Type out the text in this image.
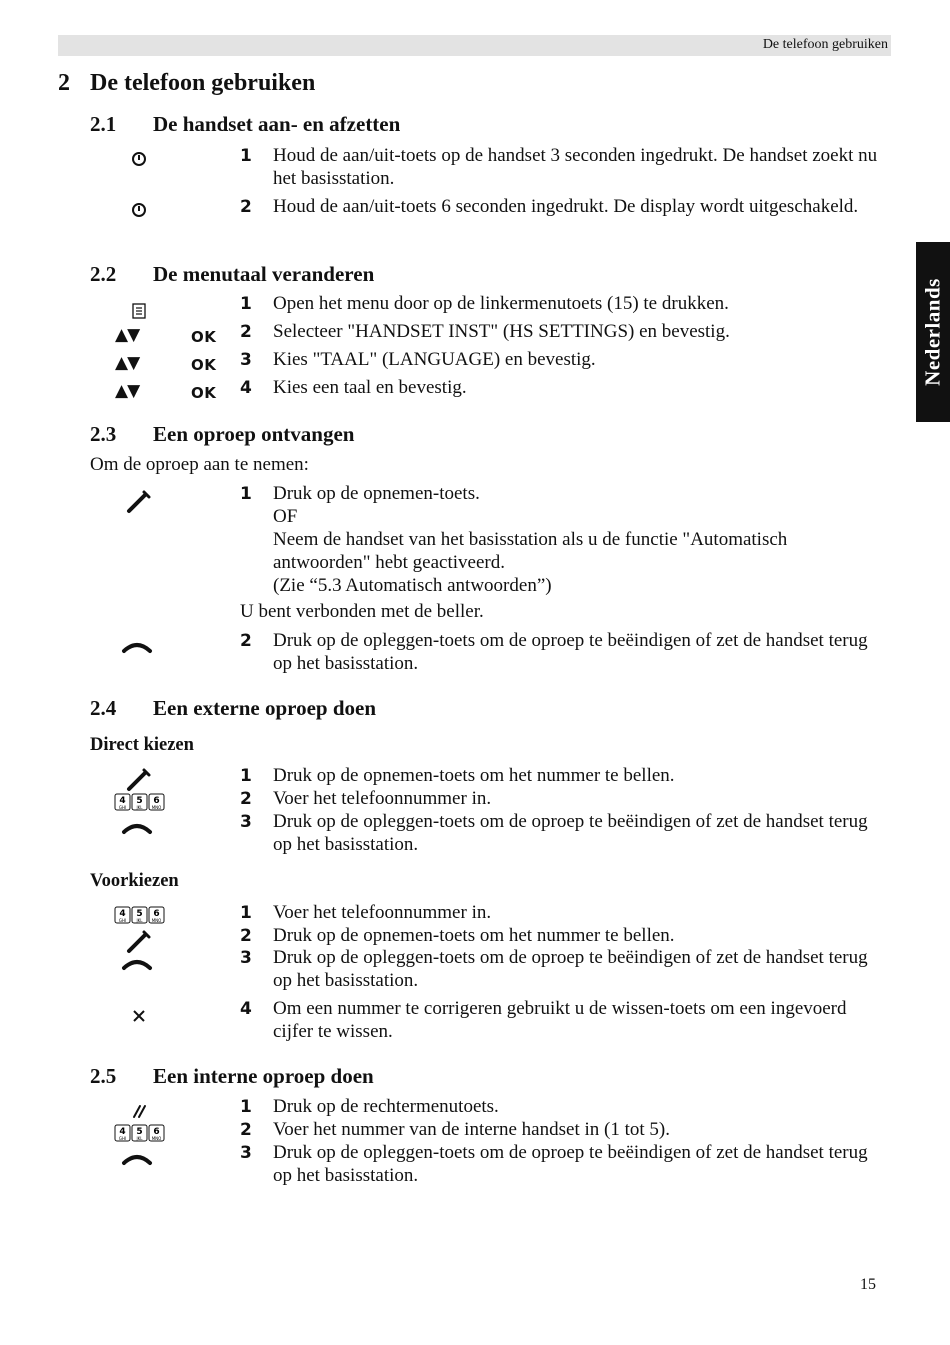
De telefoon gebruiken
Nederlands
2 De telefoon gebruiken
2.1 De handset aan- en afzetten
1	Houd de aan/uit-toets op de handset 3 seconden ingedrukt. De handset zoekt nu het basisstation.
2	Houd de aan/uit-toets 6 seconden ingedrukt. De display wordt uitgeschakeld.
2.2 De menutaal veranderen
1	Open het menu door op de linkermenutoets (15) te drukken.
▲▼	OK 2	Selecteer "HANDSET INST" (HS SETTINGS) en bevestig.
▲▼	OK 3	Kies "TAAL" (LANGUAGE) en bevestig.
▲▼	OK 4	Kies een taal en bevestig.
2.3 Een oproep ontvangen
Om de oproep aan te nemen:
1	Druk op de opnemen-toets.
OF
Neem de handset van het basisstation als u de functie "Automatisch antwoorden" hebt geactiveerd.
(Zie “5.3 Automatisch antwoorden”)
U bent verbonden met de beller.
2	Druk op de opleggen-toets om de oproep te beëindigen of zet de handset terug op het basisstation.
2.4 Een externe oproep doen
Direct kiezen
1	Druk op de opnemen-toets om het nummer te bellen.
4 5 6
GHI	JKL MNO	2	Voer het telefoonnummer in.
3	Druk op de opleggen-toets om de oproep te beëindigen of zet de handset terug op het basisstation.
Voorkiezen
4 5 6
GHI	JKL MNO	1	Voer het telefoonnummer in.
2	Druk op de opnemen-toets om het nummer te bellen.
3	Druk op de opleggen-toets om de oproep te beëindigen of zet de handset terug op het basisstation.
4	Om een nummer te corrigeren gebruikt u de wissen-toets om een ingevoerd cijfer te wissen.
2.5 Een interne oproep doen
1	Druk op de rechtermenutoets.
4 5 6
GHI	JKL MNO	2	Voer het nummer van de interne handset in (1 tot 5).
3	Druk op de opleggen-toets om de oproep te beëindigen of zet de handset terug op het basisstation.
15
